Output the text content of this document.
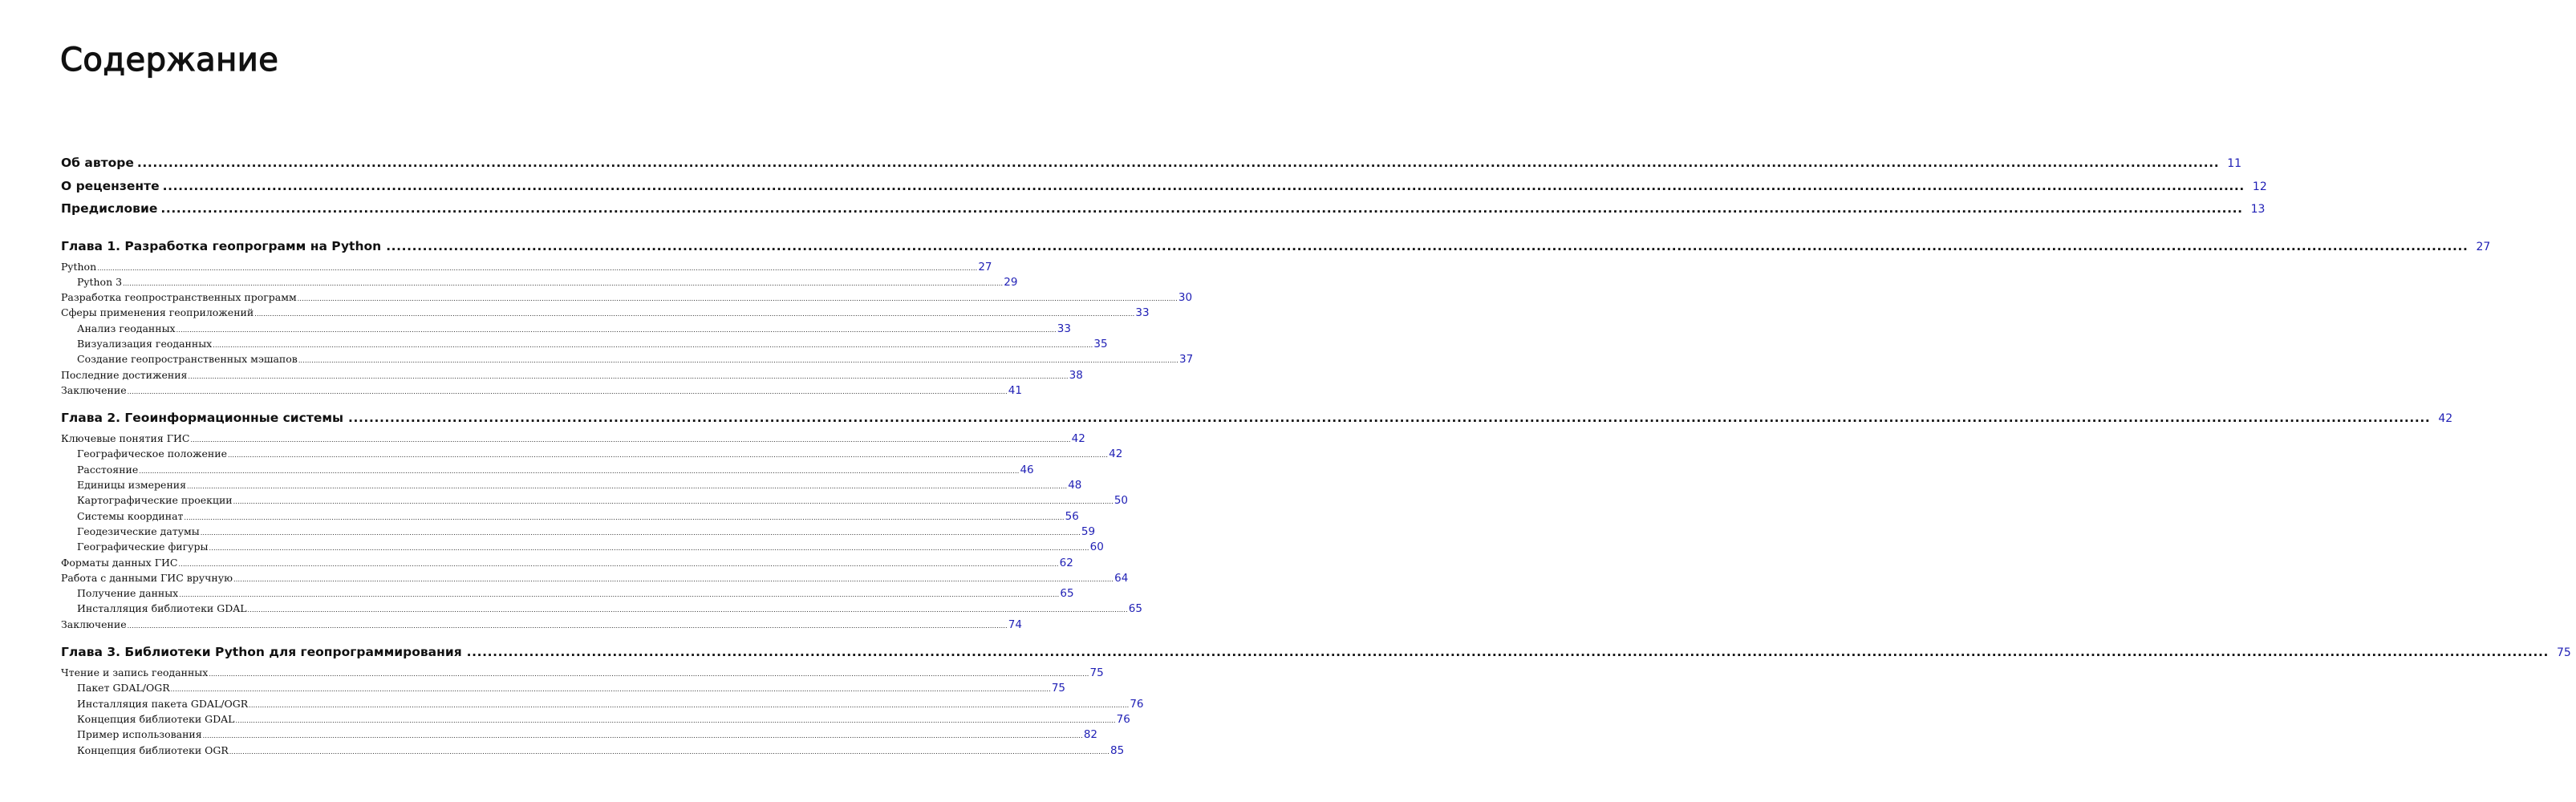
Содержание
Об авторе ................................................................................................................................................................................................................................................................................................................................................................................................................ 11
О рецензенте ................................................................................................................................................................................................................................................................................................................................................................................................................ 12
Предисловие ................................................................................................................................................................................................................................................................................................................................................................................................................ 13
Глава 1. Разработка геопрограмм на Python ................................................................................................................................................................................................................................................................................................................................................................................................................ 27
Python ................................................................................................................................................................................................................................................................................................................................................................................................................ 27
Python 3 ................................................................................................................................................................................................................................................................................................................................................................................................................ 29
Разработка геопространственных программ ................................................................................................................................................................................................................................................................................................................................................................................................................ 30
Сферы применения геоприложений ................................................................................................................................................................................................................................................................................................................................................................................................................ 33
Анализ геоданных ................................................................................................................................................................................................................................................................................................................................................................................................................ 33
Визуализация геоданных ................................................................................................................................................................................................................................................................................................................................................................................................................ 35
Создание геопространственных мэшапов ................................................................................................................................................................................................................................................................................................................................................................................................................ 37
Последние достижения ................................................................................................................................................................................................................................................................................................................................................................................................................ 38
Заключение ................................................................................................................................................................................................................................................................................................................................................................................................................ 41
Глава 2. Геоинформационные системы ................................................................................................................................................................................................................................................................................................................................................................................................................ 42
Ключевые понятия ГИС ................................................................................................................................................................................................................................................................................................................................................................................................................ 42
Географическое положение ................................................................................................................................................................................................................................................................................................................................................................................................................ 42
Расстояние ................................................................................................................................................................................................................................................................................................................................................................................................................ 46
Единицы измерения ................................................................................................................................................................................................................................................................................................................................................................................................................ 48
Картографические проекции ................................................................................................................................................................................................................................................................................................................................................................................................................ 50
Системы координат ................................................................................................................................................................................................................................................................................................................................................................................................................ 56
Геодезические датумы ................................................................................................................................................................................................................................................................................................................................................................................................................ 59
Географические фигуры ................................................................................................................................................................................................................................................................................................................................................................................................................ 60
Форматы данных ГИС ................................................................................................................................................................................................................................................................................................................................................................................................................ 62
Работа с данными ГИС вручную ................................................................................................................................................................................................................................................................................................................................................................................................................ 64
Получение данных ................................................................................................................................................................................................................................................................................................................................................................................................................ 65
Инсталляция библиотеки GDAL ................................................................................................................................................................................................................................................................................................................................................................................................................ 65
Заключение ................................................................................................................................................................................................................................................................................................................................................................................................................ 74
Глава 3. Библиотеки Python для геопрограммирования ................................................................................................................................................................................................................................................................................................................................................................................................................ 75
Чтение и запись геоданных ................................................................................................................................................................................................................................................................................................................................................................................................................ 75
Пакет GDAL/OGR ................................................................................................................................................................................................................................................................................................................................................................................................................ 75
Инсталляция пакета GDAL/OGR ................................................................................................................................................................................................................................................................................................................................................................................................................ 76
Концепция библиотеки GDAL ................................................................................................................................................................................................................................................................................................................................................................................................................ 76
Пример использования ................................................................................................................................................................................................................................................................................................................................................................................................................ 82
Концепция библиотеки OGR ................................................................................................................................................................................................................................................................................................................................................................................................................ 85
